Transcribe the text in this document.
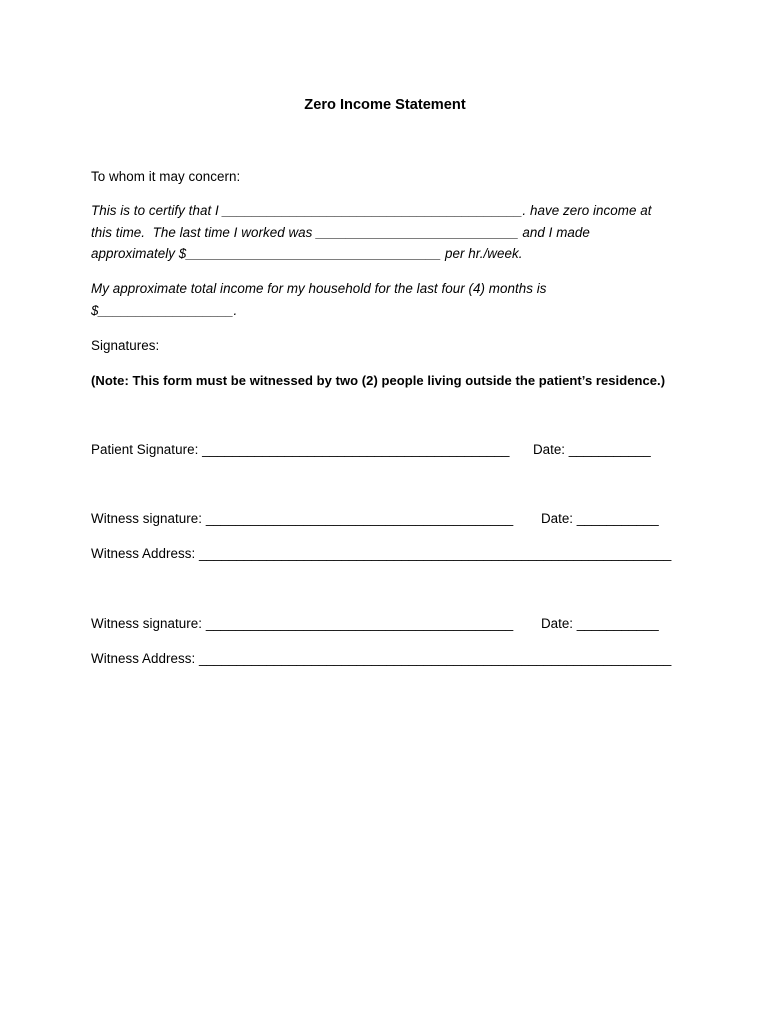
Zero Income Statement
To whom it may concern:
This is to certify that I ________________________________________. have zero income at
this time.  The last time I worked was ___________________________ and I made
approximately $__________________________________ per hr./week.
My approximate total income for my household for the last four (4) months is
$__________________.
Signatures:
(Note: This form must be witnessed by two (2) people living outside the patient’s residence.)
Patient Signature: _________________________________________ Date: ___________
Witness signature: _________________________________________ Date: ___________
Witness Address: _______________________________________________________________
Witness signature: _________________________________________ Date: ___________
Witness Address: _______________________________________________________________
